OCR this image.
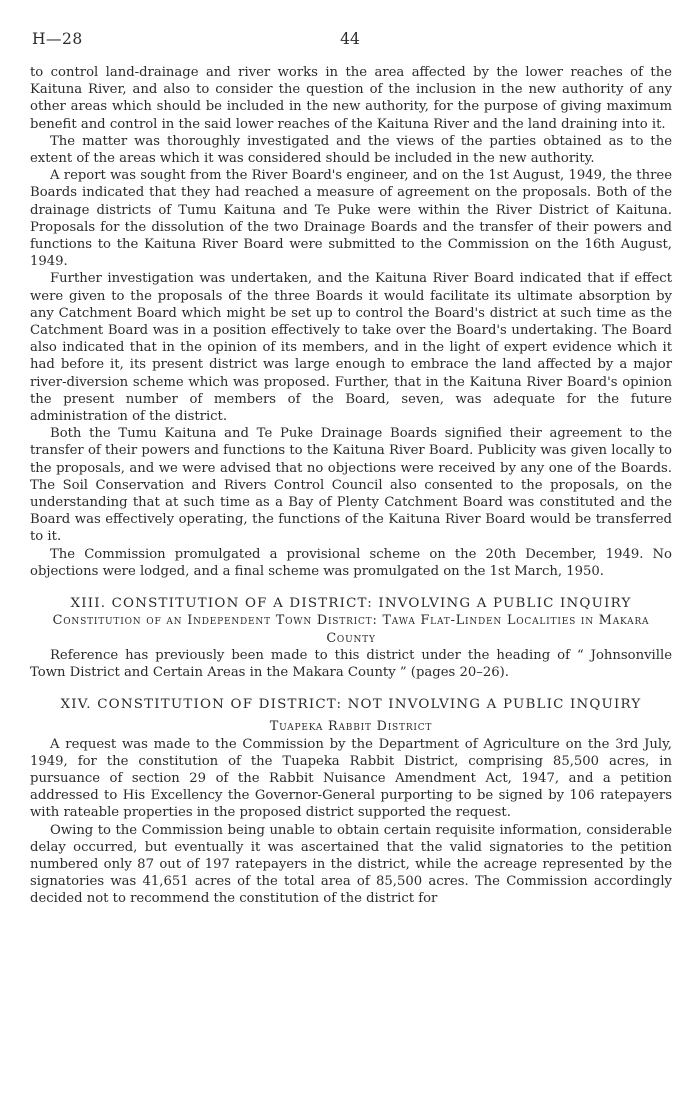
H—28	44

to control land-drainage and river works in the area affected by the lower reaches of the Kaituna River, and also to consider the question of the inclusion in the new authority of any other areas which should be included in the new authority, for the purpose of giving maximum benefit and control in the said lower reaches of the Kaituna River and the land draining into it.

The matter was thoroughly investigated and the views of the parties obtained as to the extent of the areas which it was considered should be included in the new authority.

A report was sought from the River Board's engineer, and on the 1st August, 1949, the three Boards indicated that they had reached a measure of agreement on the proposals. Both of the drainage districts of Tumu Kaituna and Te Puke were within the River District of Kaituna. Proposals for the dissolution of the two Drainage Boards and the transfer of their powers and functions to the Kaituna River Board were submitted to the Commission on the 16th August, 1949.

Further investigation was undertaken, and the Kaituna River Board indicated that if effect were given to the proposals of the three Boards it would facilitate its ultimate absorption by any Catchment Board which might be set up to control the Board's district at such time as the Catchment Board was in a position effectively to take over the Board's undertaking. The Board also indicated that in the opinion of its members, and in the light of expert evidence which it had before it, its present district was large enough to embrace the land affected by a major river-diversion scheme which was proposed. Further, that in the Kaituna River Board's opinion the present number of members of the Board, seven, was adequate for the future administration of the district.

Both the Tumu Kaituna and Te Puke Drainage Boards signified their agreement to the transfer of their powers and functions to the Kaituna River Board. Publicity was given locally to the proposals, and we were advised that no objections were received by any one of the Boards. The Soil Conservation and Rivers Control Council also consented to the proposals, on the understanding that at such time as a Bay of Plenty Catchment Board was constituted and the Board was effectively operating, the functions of the Kaituna River Board would be transferred to it.

The Commission promulgated a provisional scheme on the 20th December, 1949. No objections were lodged, and a final scheme was promulgated on the 1st March, 1950.

XIII. CONSTITUTION OF A DISTRICT: INVOLVING A PUBLIC INQUIRY

Constitution of an Independent Town District: Tawa Flat-Linden Localities in Makara County

Reference has previously been made to this district under the heading of “ Johnsonville Town District and Certain Areas in the Makara County ” (pages 20–26).

XIV. CONSTITUTION OF DISTRICT: NOT INVOLVING A PUBLIC INQUIRY

Tuapeka Rabbit District

A request was made to the Commission by the Department of Agriculture on the 3rd July, 1949, for the constitution of the Tuapeka Rabbit District, comprising 85,500 acres, in pursuance of section 29 of the Rabbit Nuisance Amendment Act, 1947, and a petition addressed to His Excellency the Governor-General purporting to be signed by 106 ratepayers with rateable properties in the proposed district supported the request.

Owing to the Commission being unable to obtain certain requisite information, considerable delay occurred, but eventually it was ascertained that the valid signatories to the petition numbered only 87 out of 197 ratepayers in the district, while the acreage represented by the signatories was 41,651 acres of the total area of 85,500 acres. The Commission accordingly decided not to recommend the constitution of the district for
